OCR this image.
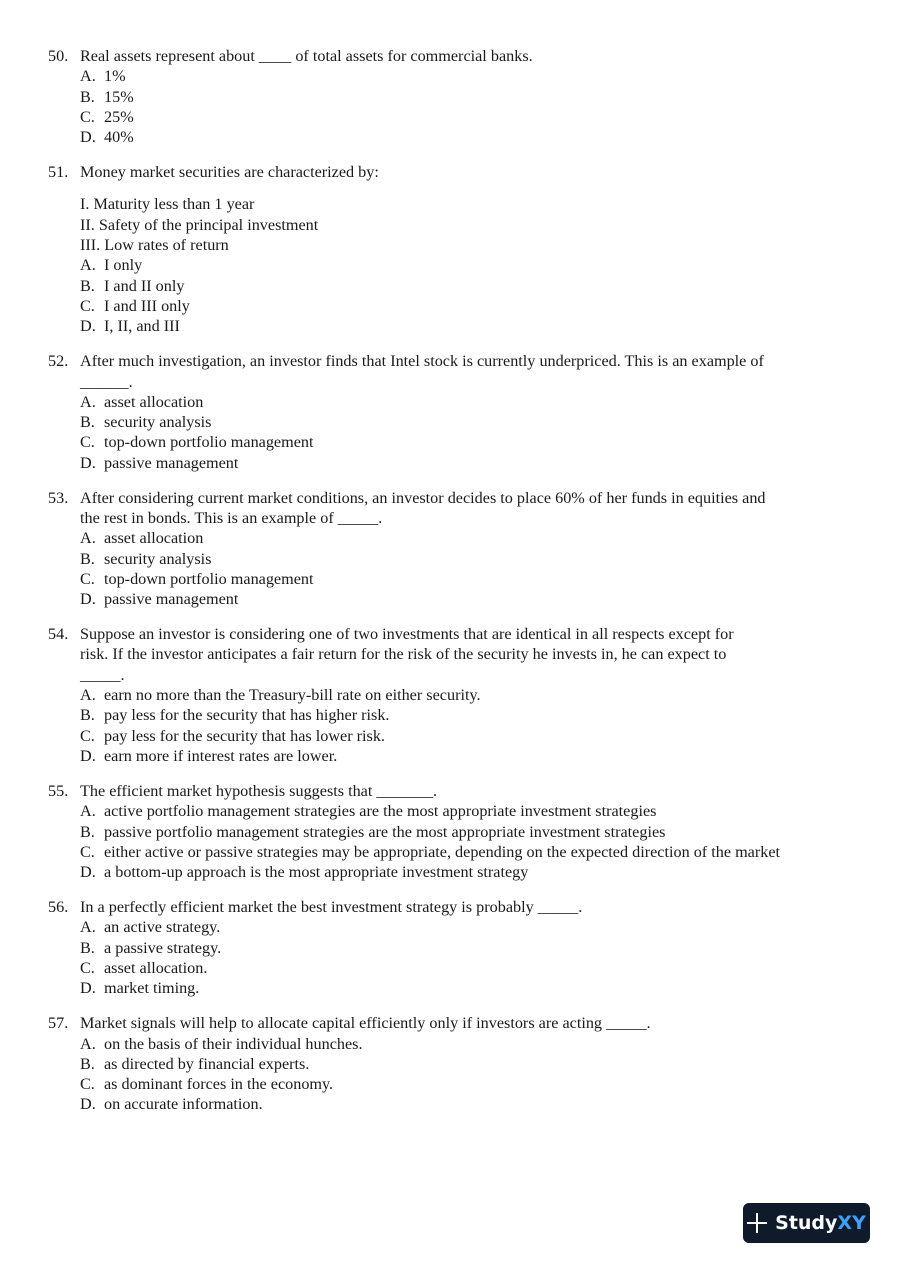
50. Real assets represent about ____ of total assets for commercial banks.
A. 1%
B. 15%
C. 25%
D. 40%
51. Money market securities are characterized by:
I. Maturity less than 1 year
II. Safety of the principal investment
III. Low rates of return
A. I only
B. I and II only
C. I and III only
D. I, II, and III
52. After much investigation, an investor finds that Intel stock is currently underpriced. This is an example of
______.
A. asset allocation
B. security analysis
C. top-down portfolio management
D. passive management
53. After considering current market conditions, an investor decides to place 60% of her funds in equities and
the rest in bonds. This is an example of _____.
A. asset allocation
B. security analysis
C. top-down portfolio management
D. passive management
54. Suppose an investor is considering one of two investments that are identical in all respects except for
risk. If the investor anticipates a fair return for the risk of the security he invests in, he can expect to
_____.
A. earn no more than the Treasury-bill rate on either security.
B. pay less for the security that has higher risk.
C. pay less for the security that has lower risk.
D. earn more if interest rates are lower.
55. The efficient market hypothesis suggests that _______.
A. active portfolio management strategies are the most appropriate investment strategies
B. passive portfolio management strategies are the most appropriate investment strategies
C. either active or passive strategies may be appropriate, depending on the expected direction of the market
D. a bottom-up approach is the most appropriate investment strategy
56. In a perfectly efficient market the best investment strategy is probably _____.
A. an active strategy.
B. a passive strategy.
C. asset allocation.
D. market timing.
57. Market signals will help to allocate capital efficiently only if investors are acting _____.
A. on the basis of their individual hunches.
B. as directed by financial experts.
C. as dominant forces in the economy.
D. on accurate information.
StudyXY
